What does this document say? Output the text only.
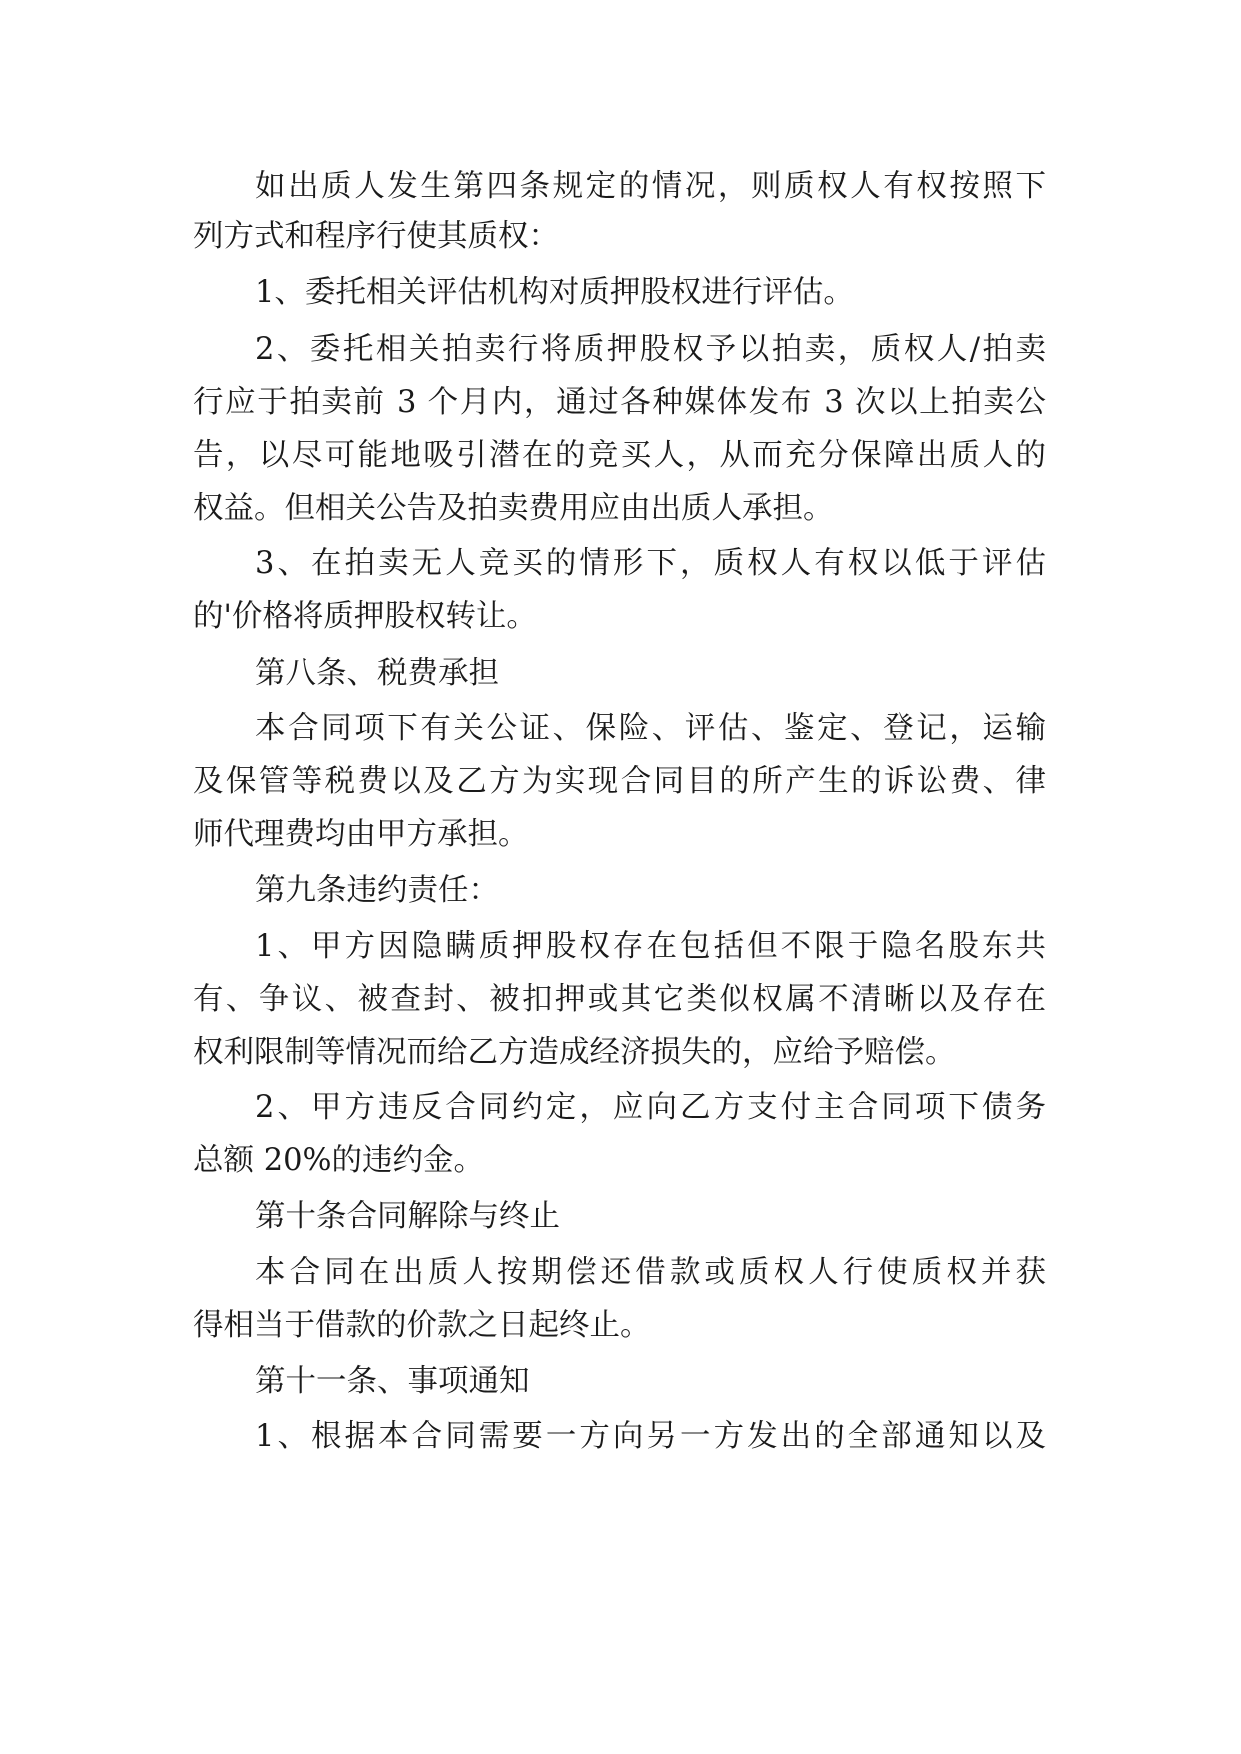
如出质人发生第四条规定的情况，则质权人有权按照下
列方式和程序行使其质权：
1、委托相关评估机构对质押股权进行评估。
2、委托相关拍卖行将质押股权予以拍卖，质权人/拍卖
行应于拍卖前 3 个月内，通过各种媒体发布 3 次以上拍卖公
告，以尽可能地吸引潜在的竞买人，从而充分保障出质人的
权益。但相关公告及拍卖费用应由出质人承担。
3、在拍卖无人竞买的情形下，质权人有权以低于评估
的'价格将质押股权转让。
第八条、税费承担
本合同项下有关公证、保险、评估、鉴定、登记，运输
及保管等税费以及乙方为实现合同目的所产生的诉讼费、律
师代理费均由甲方承担。
第九条违约责任：
1、甲方因隐瞒质押股权存在包括但不限于隐名股东共
有、争议、被查封、被扣押或其它类似权属不清晰以及存在
权利限制等情况而给乙方造成经济损失的，应给予赔偿。
2、甲方违反合同约定，应向乙方支付主合同项下债务
总额 20%的违约金。
第十条合同解除与终止
本合同在出质人按期偿还借款或质权人行使质权并获
得相当于借款的价款之日起终止。
第十一条、事项通知
1、根据本合同需要一方向另一方发出的全部通知以及
